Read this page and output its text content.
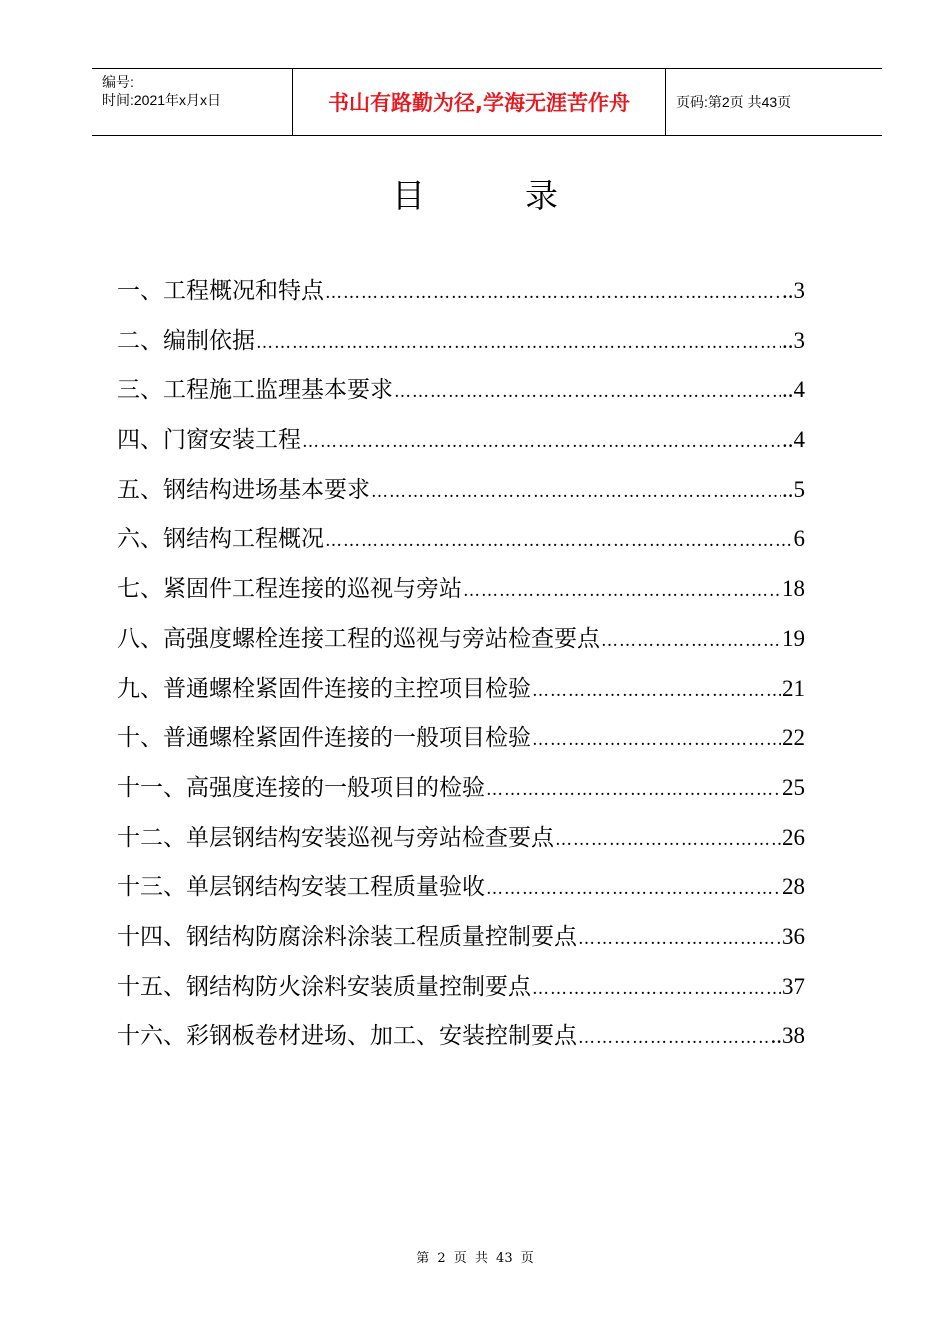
编号:
时间:2021年x月x日	书山有路勤为径,学海无涯苦作舟	页码:第2页 共43页
目录
一、工程概况和特点 …………………………………………………………………………………………………………………………………………………………	..3
二、编制依据 …………………………………………………………………………………………………………………………………………………………	..3
三、工程施工监理基本要求 …………………………………………………………………………………………………………………………………………………………	..4
四、门窗安装工程 …………………………………………………………………………………………………………………………………………………………	..4
五、钢结构进场基本要求 …………………………………………………………………………………………………………………………………………………………	..5
六、钢结构工程概况 …………………………………………………………………………………………………………………………………………………………	6
七、紧固件工程连接的巡视与旁站 …………………………………………………………………………………………………………………………………………………………	18
八、高强度螺栓连接工程的巡视与旁站检查要点 …………………………………………………………………………………………………………………………………………………………	19
九、普通螺栓紧固件连接的主控项目检验 …………………………………………………………………………………………………………………………………………………………	21
十、普通螺栓紧固件连接的一般项目检验 …………………………………………………………………………………………………………………………………………………………	22
十一、高强度连接的一般项目的检验 …………………………………………………………………………………………………………………………………………………………	25
十二、单层钢结构安装巡视与旁站检查要点 …………………………………………………………………………………………………………………………………………………………	26
十三、单层钢结构安装工程质量验收 …………………………………………………………………………………………………………………………………………………………	28
十四、钢结构防腐涂料涂装工程质量控制要点 …………………………………………………………………………………………………………………………………………………………	36
十五、钢结构防火涂料安装质量控制要点 …………………………………………………………………………………………………………………………………………………………	37
十六、彩钢板卷材进场、加工、安装控制要点 …………………………………………………………………………………………………………………………………………………………	..38
第 2 页 共 43 页
